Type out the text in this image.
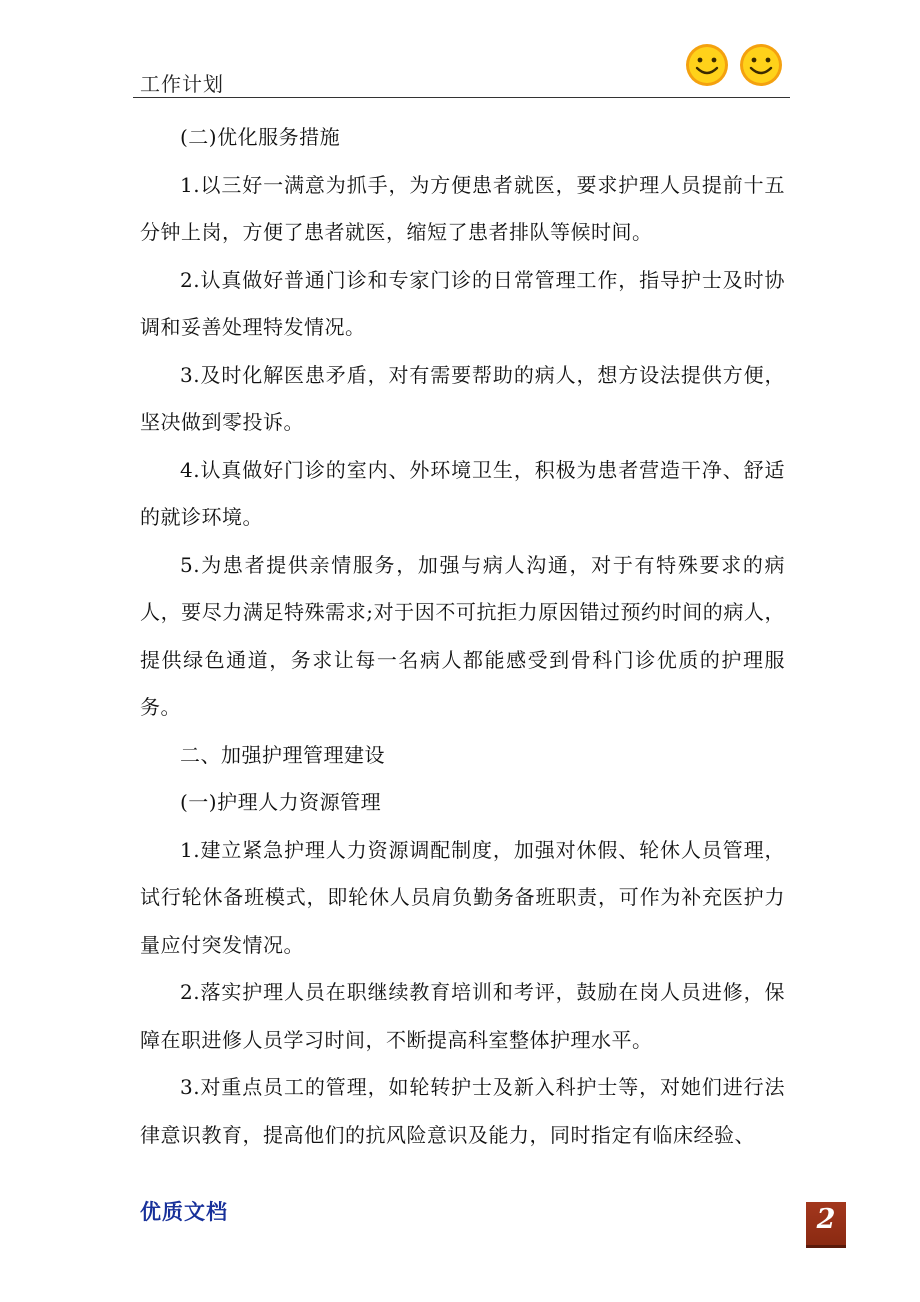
工作计划

(二)优化服务措施

1.以三好一满意为抓手，为方便患者就医，要求护理人员提前十五分钟上岗，方便了患者就医，缩短了患者排队等候时间。

2.认真做好普通门诊和专家门诊的日常管理工作，指导护士及时协调和妥善处理特发情况。

3.及时化解医患矛盾，对有需要帮助的病人，想方设法提供方便，坚决做到零投诉。

4.认真做好门诊的室内、外环境卫生，积极为患者营造干净、舒适的就诊环境。

5.为患者提供亲情服务，加强与病人沟通，对于有特殊要求的病人，要尽力满足特殊需求;对于因不可抗拒力原因错过预约时间的病人，提供绿色通道，务求让每一名病人都能感受到骨科门诊优质的护理服务。

二、加强护理管理建设

(一)护理人力资源管理

1.建立紧急护理人力资源调配制度，加强对休假、轮休人员管理，试行轮休备班模式，即轮休人员肩负勤务备班职责，可作为补充医护力量应付突发情况。

2.落实护理人员在职继续教育培训和考评，鼓励在岗人员进修，保障在职进修人员学习时间，不断提高科室整体护理水平。

3.对重点员工的管理，如轮转护士及新入科护士等，对她们进行法律意识教育，提高他们的抗风险意识及能力，同时指定有临床经验、

优质文档	2
